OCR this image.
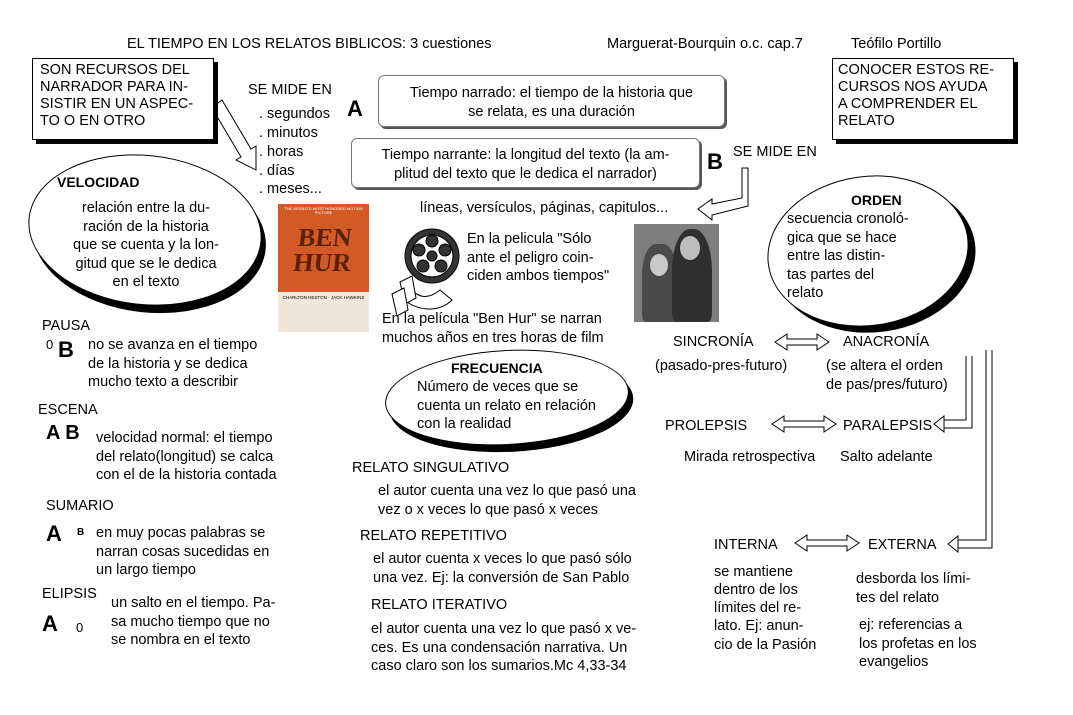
EL TIEMPO EN LOS RELATOS BIBLICOS: 3 cuestiones	Marguerat-Bourquin o.c. cap.7	Teófilo Portillo
SON RECURSOS DEL
NARRADOR PARA IN-
SISTIR EN UN ASPEC-
TO O EN OTRO
CONOCER ESTOS RE-
CURSOS NOS AYUDA
A COMPRENDER EL
RELATO
SE MIDE EN
. segundos
. minutos
. horas
. días
. meses...
A
Tiempo narrado: el tiempo de la historia que
se relata, es una duración
Tiempo narrante: la longitud del texto (la am-
plitud del texto que le dedica el narrador)	B SE MIDE EN
líneas, versículos, páginas, capitulos...
VELOCIDAD
relación entre la du-
ración de la historia
que se cuenta y la lon-
gitud que se le dedica
en el texto
THE WORLD'S MOST HONORED MOTION PICTURE
BEN
HUR
CHARLTON HESTON · JACK HAWKINS
En la pelicula "Sólo
ante el peligro coin-
ciden ambos tiempos"
En la película "Ben Hur" se narran
muchos años en tres horas de film
ORDEN
secuencia cronoló-
gica que se hace
entre las distin-
tas partes del
relato
SINCRONÍA
(pasado-pres-futuro)
ANACRONÍA
(se altera el orden
de pas/pres/futuro)
PROLEPSIS
Mirada retrospectiva
PARALEPSIS
Salto adelante
INTERNA
se mantiene
dentro de los
límites del re-
lato. Ej: anun-
cio de la Pasión
EXTERNA
desborda los lími-
tes del relato
ej: referencias a
los profetas en los
evangelios
FRECUENCIA
Número de veces que se
cuenta un relato en relación
con la realidad
RELATO SINGULATIVO
el autor cuenta una vez lo que pasó una
vez o x veces lo que pasó x veces
RELATO REPETITIVO
el autor cuenta x veces lo que pasó sólo
una vez. Ej: la conversión de San Pablo
RELATO ITERATIVO
el autor cuenta una vez lo que pasó x ve-
ces. Es una condensación narrativa. Un
caso claro son los sumarios.Mc 4,33-34
PAUSA
0 B no se avanza en el tiempo
de la historia y se dedica
mucho texto a describir
ESCENA
A B velocidad normal: el tiempo
del relato(longitud) se calca
con el de la historia contada
SUMARIO
A B en muy pocas palabras se
narran cosas sucedidas en
un largo tiempo
ELIPSIS
A 0
un salto en el tiempo. Pa-
sa mucho tiempo que no
se nombra en el texto
